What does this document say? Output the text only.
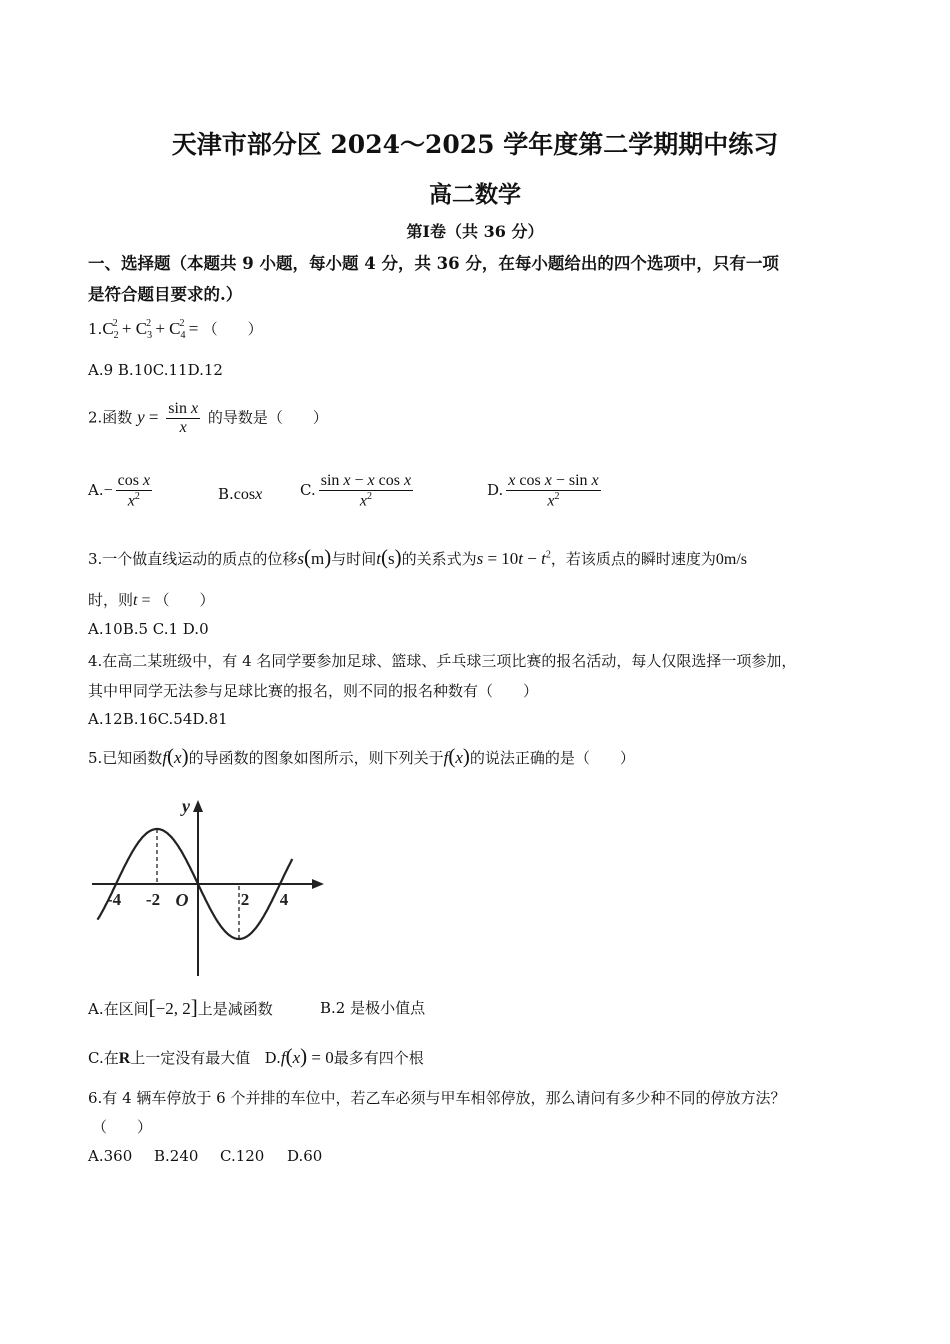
天津市部分区 2024～2025 学年度第二学期期中练习
高二数学
第Ⅰ卷（共 36 分）
一、选择题（本题共 9 小题，每小题 4 分，共 36 分，在每小题给出的四个选项中，只有一项
是符合题目要求的.）
$1.C_2^2 + C_3^2 + C_4^2$ = （　　）
A.9 B.10C.11D.12
2.函数 $y = \frac{\text{sin x}}{x}$ 的导数是（　　）
$A.- \frac{\text{cos x}}{x^2}$	B.cosx	C. $\frac{\text{sin x − x cos x}}{x^2}$	D. $\frac{\text{x cos x − sin x}}{x^2}$
3.一个做直线运动的质点的位移s(m)与时间t(s)的关系式为$s = 10t - t^2$，若该质点的瞬时速度为0m/s
时，则t = （　　）
A.10B.5 C.1 D.0
4.在高二某班级中，有 4 名同学要参加足球、篮球、乒乓球三项比赛的报名活动，每人仅限选择一项参加，
其中甲同学无法参与足球比赛的报名，则不同的报名种数有（　　）
A.12B.16C.54D.81
5.已知函数f(x)的导函数的图象如图所示，则下列关于f(x)的说法正确的是（　　）
-4 -2	2 4
O
y
A.在区间[−2, 2]上是减函数	B.2 是极小值点
C.在R上一定没有最大值 D.f(x) = 0最多有四个根
6.有 4 辆车停放于 6 个并排的车位中，若乙车必须与甲车相邻停放，那么请问有多少种不同的停放方法？
（　　）
A.360 B.240 C.120 D.60
